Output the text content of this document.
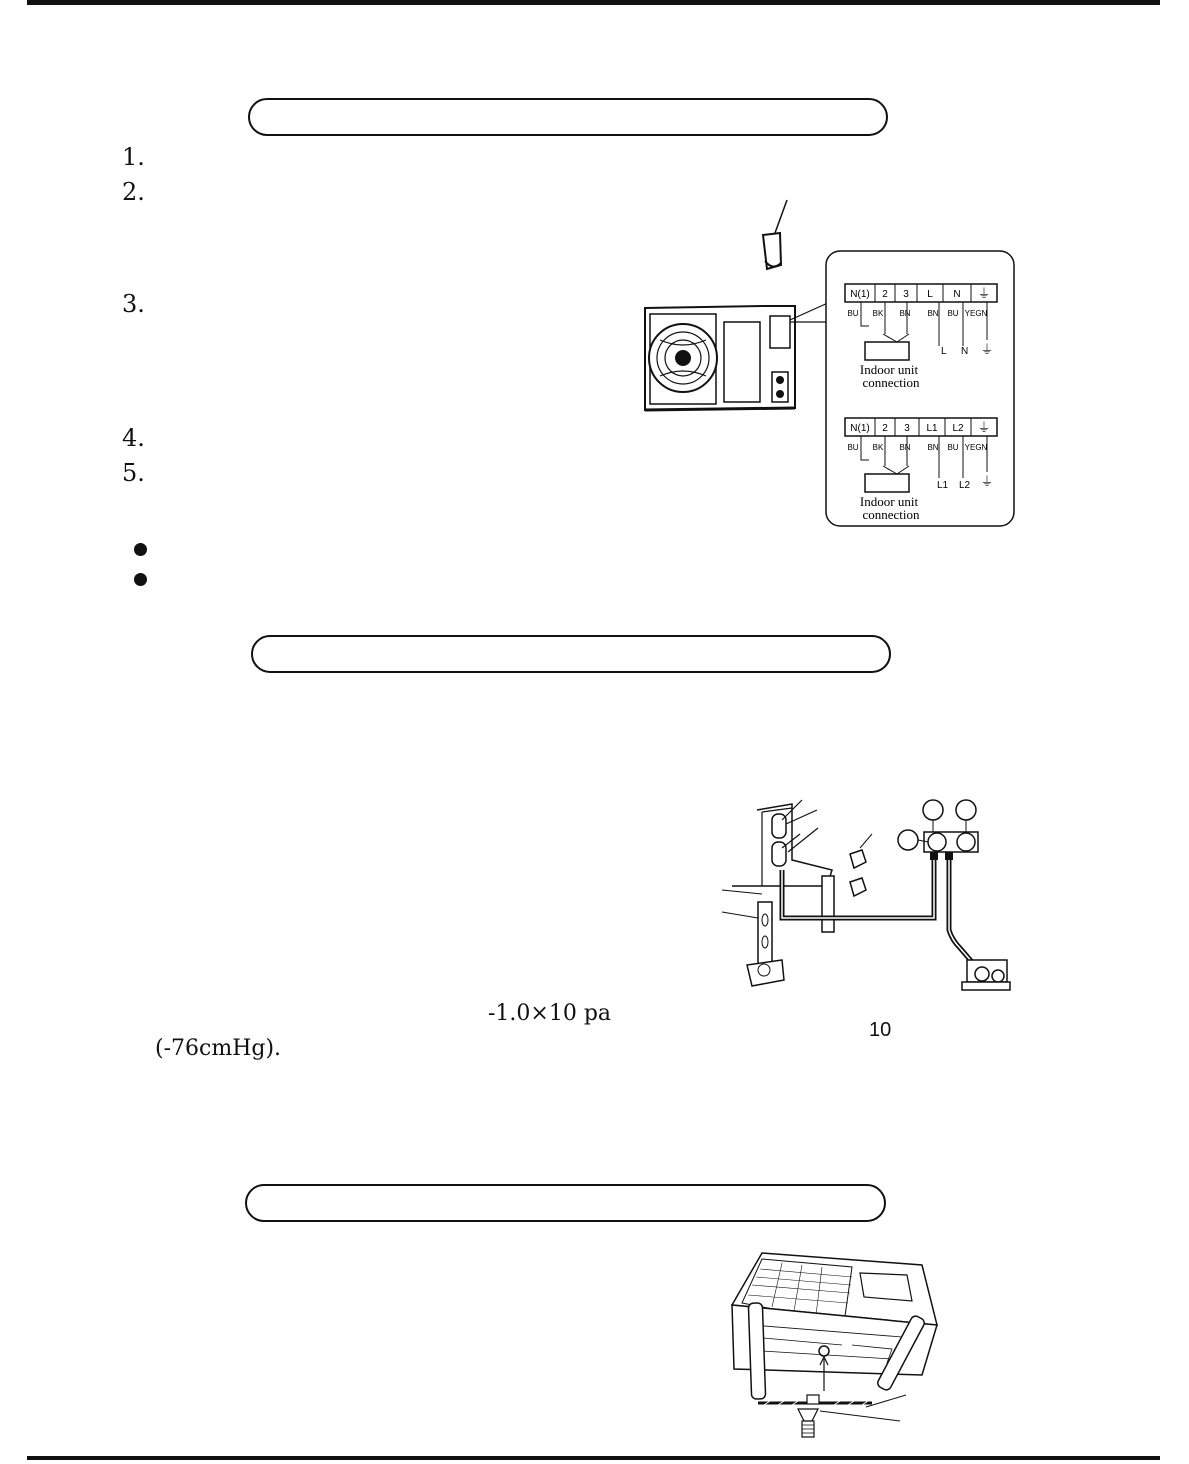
1.
2.
3.
4.
5.
N(1) 2 3 L N ⏚
BU BK BN BN BU YEGN
L N ⏚
Indoor unit
connection
N(1) 2 3 L1 L2 ⏚
BU BK BN BN BU YEGN
L1 L2 ⏚
Indoor unit
connection
-1.0×10 pa
10
(-76cmHg).
